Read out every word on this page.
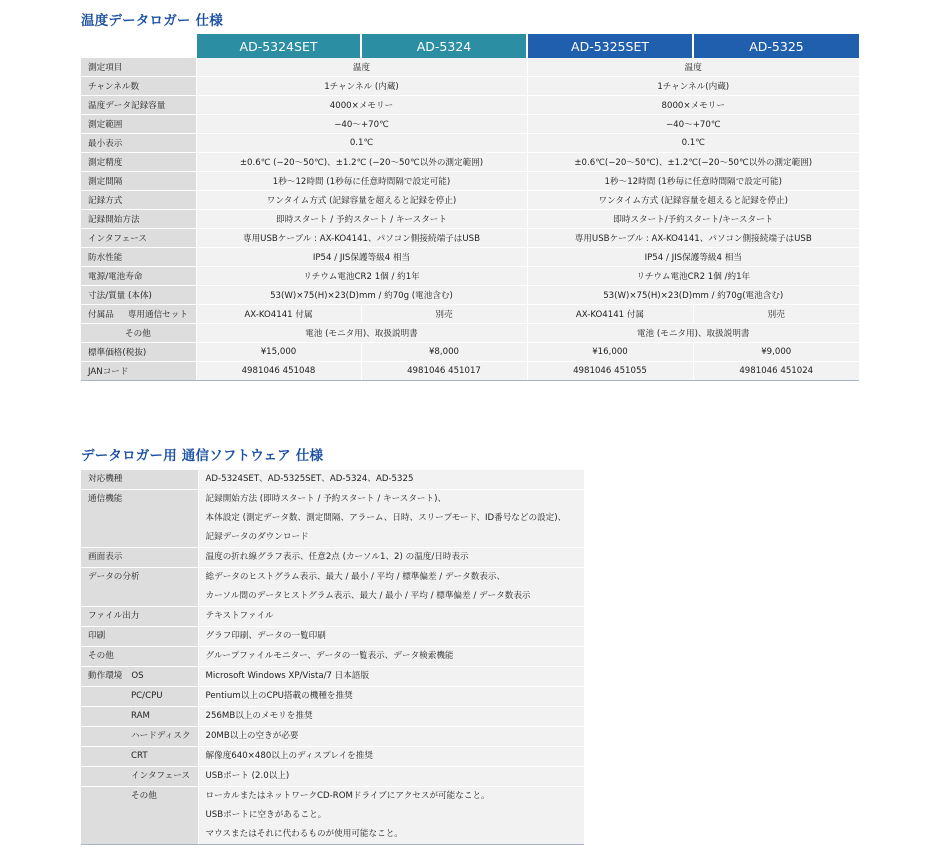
温度データロガー 仕様
	AD-5324SET	AD-5324	AD-5325SET	AD-5325
測定項目	温度		温度	
チャンネル数	1チャンネル (内蔵)		1チャンネル(内蔵)	
温度データ記録容量	4000×メモリー		8000×メモリー	
測定範囲	−40〜+70℃		−40〜+70℃	
最小表示	0.1℃		0.1℃	
測定精度	±0.6℃ (−20〜50℃)、±1.2℃ (−20〜50℃以外の測定範囲)		±0.6℃(−20〜50℃)、±1.2℃(−20〜50℃以外の測定範囲)	
測定間隔	1秒〜12時間 (1秒毎に任意時間隔で設定可能)		1秒〜12時間 (1秒毎に任意時間隔で設定可能)	
記録方式	ワンタイム方式 (記録容量を超えると記録を停止)		ワンタイム方式 (記録容量を超えると記録を停止)	
記録開始方法	即時スタート / 予約スタート / キースタート		即時スタート/予約スタート/キースタート	
インタフェース	専用USBケーブル : AX-KO4141、パソコン側接続端子はUSB		専用USBケーブル : AX-KO4141、パソコン側接続端子はUSB	
防水性能	IP54 / JIS保護等級4 相当		IP54 / JIS保護等級4 相当	
電源/電池寿命	リチウム電池CR2 1個 / 約1年		リチウム電池CR2 1個 /約1年	
寸法/質量 (本体)	53(W)×75(H)×23(D)mm / 約70g (電池含む)		53(W)×75(H)×23(D)mm / 約70g(電池含む)	
付属品 専用通信セット	AX-KO4141 付属	別売	AX-KO4141 付属	別売
その他	電池 (モニタ用)、取扱説明書		電池 (モニタ用)、取扱説明書	
標準価格(税抜)	¥15,000	¥8,000	¥16,000	¥9,000
JANコード	4981046 451048	4981046 451017	4981046 451055	4981046 451024
データロガー用 通信ソフトウェア 仕様
対応機種	AD-5324SET、AD-5325SET、AD-5324、AD-5325

通信機能	記録開始方法 (即時スタート / 予約スタート / キースタート)、
本体設定 (測定データ数、測定間隔、アラーム、日時、スリープモード、ID番号などの設定)、
記録データのダウンロード

画面表示	温度の折れ線グラフ表示、任意2点 (カーソル1、2) の温度/日時表示

データの分析	総データのヒストグラム表示、最大 / 最小 / 平均 / 標準偏差 / データ数表示、
カーソル間のデータヒストグラム表示、最大 / 最小 / 平均 / 標準偏差 / データ数表示

ファイル出力	テキストファイル

印刷	グラフ印刷、データの一覧印刷

その他	グループファイルモニター、データの一覧表示、データ検索機能

動作環境 OS	Microsoft Windows XP/Vista/7 日本語版

PC/CPU	Pentium以上のCPU搭載の機種を推奨

RAM	256MB以上のメモリを推奨

ハードディスク	20MB以上の空きが必要

CRT	解像度640×480以上のディスプレイを推奨

インタフェース	USBポート (2.0以上)

その他	ローカルまたはネットワークCD-ROMドライブにアクセスが可能なこと。
USBポートに空きがあること。
マウスまたはそれに代わるものが使用可能なこと。
